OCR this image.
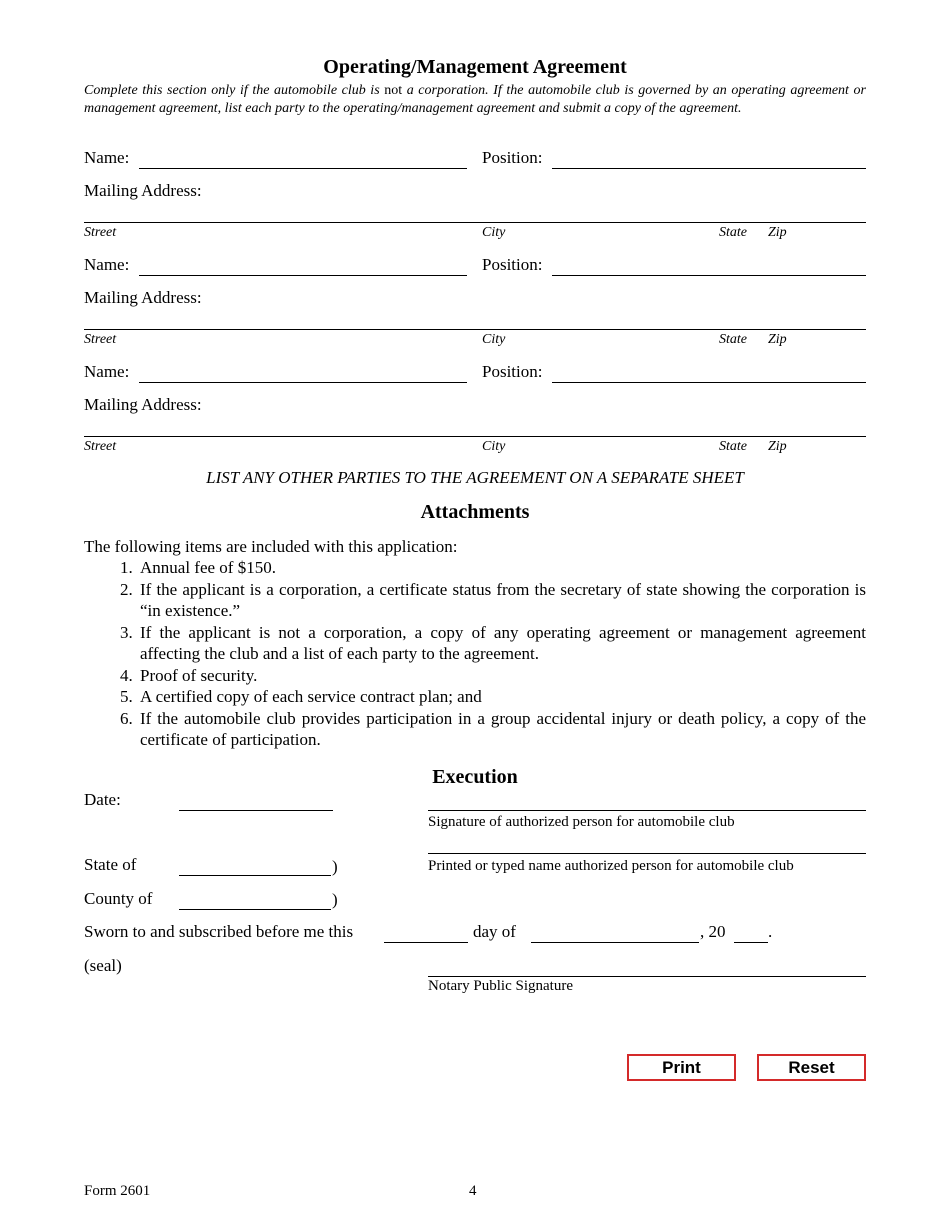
Operating/Management Agreement
Complete this section only if the automobile club is not a corporation. If the automobile club is governed by an operating agreement or management agreement, list each party to the operating/management agreement and submit a copy of the agreement.
Name:	Position:
Mailing Address:
Street	City	State Zip
Name:	Position:
Mailing Address:
Street	City	State Zip
Name:	Position:
Mailing Address:
Street	City	State Zip
LIST ANY OTHER PARTIES TO THE AGREEMENT ON A SEPARATE SHEET
Attachments
The following items are included with this application:
1. Annual fee of $150.
2. If the applicant is a corporation, a certificate status from the secretary of state showing the corporation is “in existence.”
3. If the applicant is not a corporation, a copy of any operating agreement or management agreement affecting the club and a list of each party to the agreement.
4. Proof of security.
5. A certified copy of each service contract plan; and
6. If the automobile club provides participation in a group accidental injury or death policy, a copy of the certificate of participation.
Execution
Date:
Signature of authorized person for automobile club
Printed or typed name authorized person for automobile club
State of	)
County of	)
Sworn to and subscribed before me this	day of	, 20	.
(seal)
Notary Public Signature
Print	Reset
Form 2601	4
